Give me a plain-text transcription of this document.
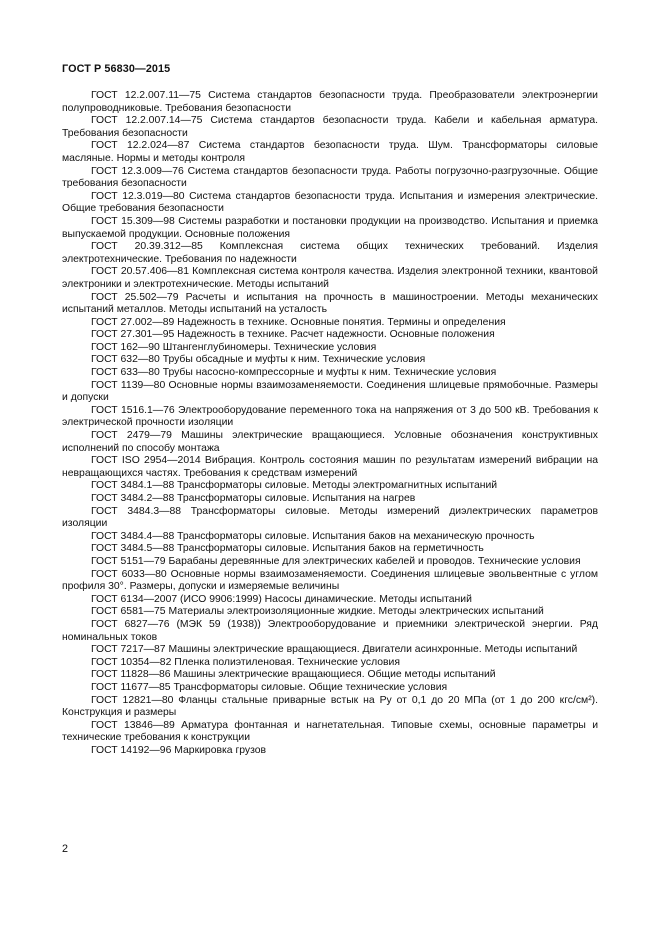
ГОСТ Р 56830—2015

ГОСТ 12.2.007.11—75 Система стандартов безопасности труда. Преобразователи электроэнергии полупроводниковые. Требования безопасности

ГОСТ 12.2.007.14—75 Система стандартов безопасности труда. Кабели и кабельная арматура. Требования безопасности

ГОСТ 12.2.024—87 Система стандартов безопасности труда. Шум. Трансформаторы силовые масляные. Нормы и методы контроля

ГОСТ 12.3.009—76 Система стандартов безопасности труда. Работы погрузочно-разгрузочные. Общие требования безопасности

ГОСТ 12.3.019—80 Система стандартов безопасности труда. Испытания и измерения электрические. Общие требования безопасности

ГОСТ 15.309—98 Системы разработки и постановки продукции на производство. Испытания и приемка выпускаемой продукции. Основные положения

ГОСТ 20.39.312—85 Комплексная система общих технических требований. Изделия электротехнические. Требования по надежности

ГОСТ 20.57.406—81 Комплексная система контроля качества. Изделия электронной техники, квантовой электроники и электротехнические. Методы испытаний

ГОСТ 25.502—79 Расчеты и испытания на прочность в машиностроении. Методы механических испытаний металлов. Методы испытаний на усталость

ГОСТ 27.002—89 Надежность в технике. Основные понятия. Термины и определения

ГОСТ 27.301—95 Надежность в технике. Расчет надежности. Основные положения

ГОСТ 162—90 Штангенглубиномеры. Технические условия

ГОСТ 632—80 Трубы обсадные и муфты к ним. Технические условия

ГОСТ 633—80 Трубы насосно-компрессорные и муфты к ним. Технические условия

ГОСТ 1139—80 Основные нормы взаимозаменяемости. Соединения шлицевые прямобочные. Размеры и допуски

ГОСТ 1516.1—76 Электрооборудование переменного тока на напряжения от 3 до 500 кВ. Требования к электрической прочности изоляции

ГОСТ 2479—79 Машины электрические вращающиеся. Условные обозначения конструктивных исполнений по способу монтажа

ГОСТ ISO 2954—2014 Вибрация. Контроль состояния машин по результатам измерений вибрации на невращающихся частях. Требования к средствам измерений

ГОСТ 3484.1—88 Трансформаторы силовые. Методы электромагнитных испытаний

ГОСТ 3484.2—88 Трансформаторы силовые. Испытания на нагрев

ГОСТ 3484.3—88 Трансформаторы силовые. Методы измерений диэлектрических параметров изоляции

ГОСТ 3484.4—88 Трансформаторы силовые. Испытания баков на механическую прочность

ГОСТ 3484.5—88 Трансформаторы силовые. Испытания баков на герметичность

ГОСТ 5151—79 Барабаны деревянные для электрических кабелей и проводов. Технические условия

ГОСТ 6033—80 Основные нормы взаимозаменяемости. Соединения шлицевые эвольвентные с углом профиля 30°. Размеры, допуски и измеряемые величины

ГОСТ 6134—2007 (ИСО 9906:1999) Насосы динамические. Методы испытаний

ГОСТ 6581—75 Материалы электроизоляционные жидкие. Методы электрических испытаний

ГОСТ 6827—76 (МЭК 59 (1938)) Электрооборудование и приемники электрической энергии. Ряд номинальных токов

ГОСТ 7217—87 Машины электрические вращающиеся. Двигатели асинхронные. Методы испытаний

ГОСТ 10354—82 Пленка полиэтиленовая. Технические условия

ГОСТ 11828—86 Машины электрические вращающиеся. Общие методы испытаний

ГОСТ 11677—85 Трансформаторы силовые. Общие технические условия

ГОСТ 12821—80 Фланцы стальные приварные встык на Py от 0,1 до 20 МПа (от 1 до 200 кгс/см²). Конструкция и размеры

ГОСТ 13846—89 Арматура фонтанная и нагнетательная. Типовые схемы, основные параметры и технические требования к конструкции

ГОСТ 14192—96 Маркировка грузов

2
